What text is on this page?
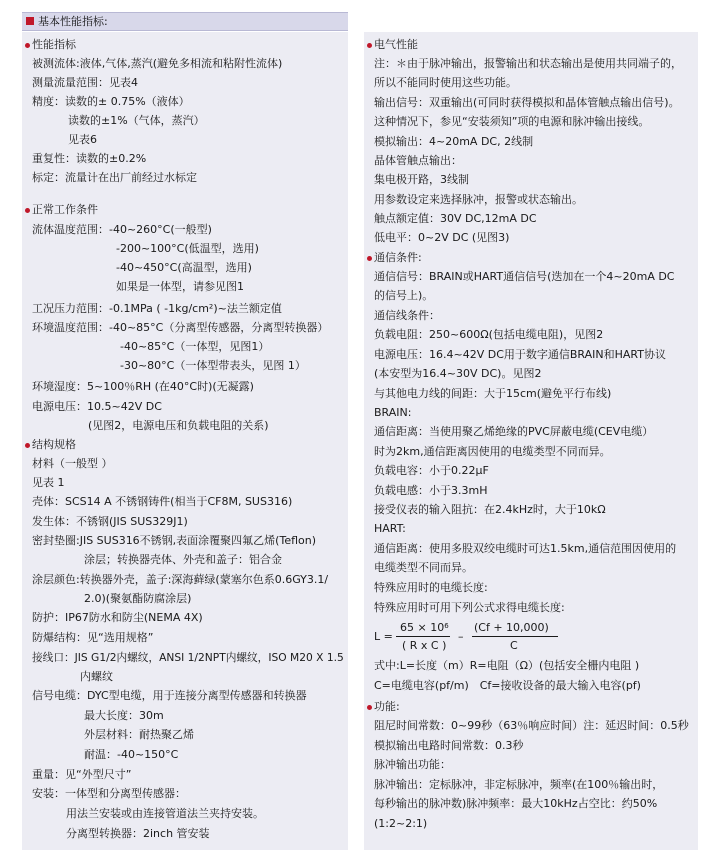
基本性能指标:
性能指标
被测流体:液体,气体,蒸汽(避免多相流和粘附性流体)
测量流量范围：见表4
精度：读数的± 0.75%（液体）
读数的±1%（气体，蒸汽）
见表6
重复性：读数的±0.2%
标定：流量计在出厂前经过水标定
正常工作条件
流体温度范围：-40~260°C(一般型)
-200~100°C(低温型，选用)
-40~450°C(高温型，选用)
如果是一体型，请参见图1
工况压力范围：-0.1MPa ( -1kg/cm²)~法兰额定值
环境温度范围：-40~85°C（分离型传感器，分离型转换器）
-40~85°C（一体型，见图1）
-30~80°C（一体型带表头，见图 1）
环境湿度：5~100％RH (在40°C时)(无凝露)
电源电压：10.5~42V DC
(见图2，电源电压和负载电阻的关系)
结构规格
材料（一般型 ）
见表 1
壳体：SCS14 A 不锈钢铸件(相当于CF8M, SUS316)
发生体：不锈钢(JIS SUS329J1)
密封垫圈:JIS SUS316不锈钢,表面涂覆聚四氟乙烯(Teflon)
涂层；转换器壳体、外壳和盖子：铝合金
涂层颜色:转换器外壳，盖子:深海藓绿(蒙塞尔色系0.6GY3.1/
2.0)(聚氨酯防腐涂层)
防护：IP67防水和防尘(NEMA 4X)
防爆结构：见“选用规格”
接线口：JIS G1/2内螺纹，ANSI 1/2NPT内螺纹，ISO M20 X 1.5
内螺纹
信号电缆：DYC型电缆，用于连接分离型传感器和转换器
最大长度：30m
外层材料：耐热聚乙烯
耐温：-40~150°C
重量：见“外型尺寸”
安装：一体型和分离型传感器：
用法兰安装或由连接管道法兰夹持安装。
分离型转换器：2inch 管安装
电气性能
注：＊由于脉冲输出，报警输出和状态输出是使用共同端子的，
所以不能同时使用这些功能。
输出信号：双重输出(可同时获得模拟和晶体管触点输出信号)。
这种情况下，参见“安装须知”项的电源和脉冲输出接线。
模拟输出：4~20mA DC, 2线制
晶体管触点输出：
集电极开路，3线制
用参数设定来选择脉冲，报警或状态输出。
触点额定值：30V DC,12mA DC
低电平：0~2V DC (见图3)
通信条件:
通信信号：BRAIN或HART通信信号(迭加在一个4~20mA DC
的信号上)。
通信线条件：
负载电阻：250~600Ω(包括电缆电阻)，见图2
电源电压：16.4~42V DC用于数字通信BRAIN和HART协议
(本安型为16.4~30V DC)。见图2
与其他电力线的间距：大于15cm(避免平行布线)
BRAIN:
通信距离：当使用聚乙烯绝缘的PVC屏蔽电缆(CEV电缆）
时为2km,通信距离因使用的电缆类型不同而异。
负载电容：小于0.22μF
负载电感：小于3.3mH
接受仪表的输入阻抗：在2.4kHz时，大于10kΩ
HART:
通信距离：使用多股双绞电缆时可达1.5km,通信范围因使用的
电缆类型不同而异。
特殊应用时的电缆长度:
特殊应用时可用下列公式求得电缆长度:
L =
$65 \times 10^6$
( R x C )
–
(Cf + 10,000)
C
式中:L=长度（m）R=电阻（Ω）(包括安全栅内电阻 )
C=电缆电容(pf/m)　Cf=接收设备的最大输入电容(pf)
功能:
阻尼时间常数：0~99秒（63％响应时间）注：延迟时间：0.5秒
模拟输出电路时间常数：0.3秒
脉冲输出功能：
脉冲输出：定标脉冲，非定标脉冲，频率(在100％输出时，
每秒输出的脉冲数)脉冲频率：最大10kHz占空比：约50%
(1:2~2:1)
